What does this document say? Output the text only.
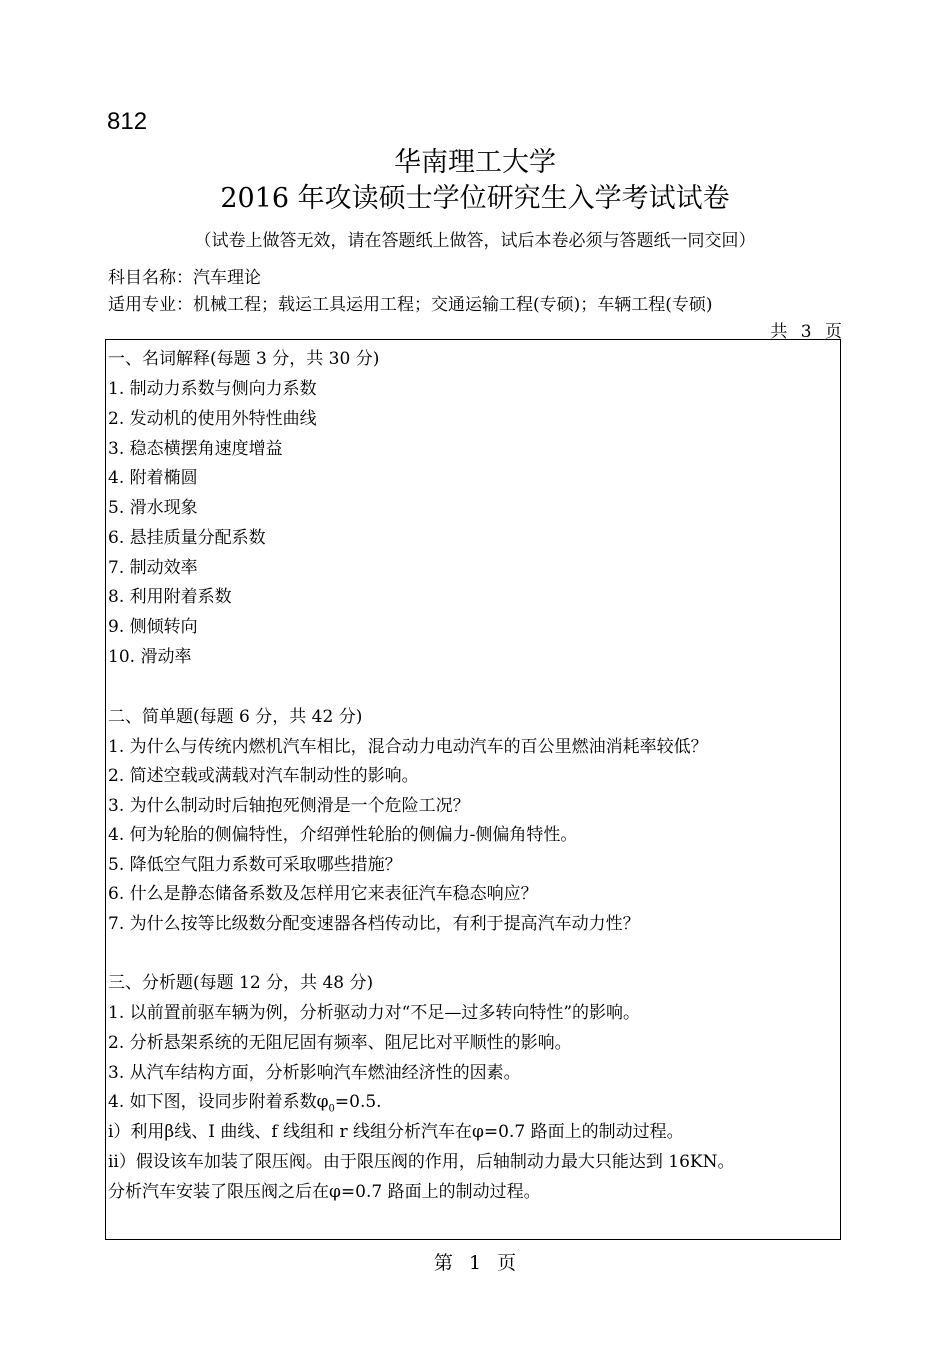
812
华南理工大学
2016 年攻读硕士学位研究生入学考试试卷
（试卷上做答无效，请在答题纸上做答，试后本卷必须与答题纸一同交回）
科目名称：汽车理论
适用专业：机械工程；载运工具运用工程；交通运输工程(专硕)；车辆工程(专硕)
共 3 页
一、名词解释(每题 3 分，共 30 分)
1. 制动力系数与侧向力系数
2. 发动机的使用外特性曲线
3. 稳态横摆角速度增益
4. 附着椭圆
5. 滑水现象
6. 悬挂质量分配系数
7. 制动效率
8. 利用附着系数
9. 侧倾转向
10. 滑动率
二、简单题(每题 6 分，共 42 分)
1. 为什么与传统内燃机汽车相比，混合动力电动汽车的百公里燃油消耗率较低？
2. 简述空载或满载对汽车制动性的影响。
3. 为什么制动时后轴抱死侧滑是一个危险工况？
4. 何为轮胎的侧偏特性，介绍弹性轮胎的侧偏力-侧偏角特性。
5. 降低空气阻力系数可采取哪些措施？
6. 什么是静态储备系数及怎样用它来表征汽车稳态响应？
7. 为什么按等比级数分配变速器各档传动比，有利于提高汽车动力性？
三、分析题(每题 12 分，共 48 分)
1. 以前置前驱车辆为例，分析驱动力对“不足—过多转向特性”的影响。
2. 分析悬架系统的无阻尼固有频率、阻尼比对平顺性的影响。
3. 从汽车结构方面，分析影响汽车燃油经济性的因素。
4. 如下图，设同步附着系数$\varphi_0=0.5$.
i）利用β线、I 曲线、f 线组和 r 线组分析汽车在φ=0.7 路面上的制动过程。
ii）假设该车加装了限压阀。由于限压阀的作用，后轴制动力最大只能达到 16KN。
分析汽车安装了限压阀之后在φ=0.7 路面上的制动过程。
第 1 页
